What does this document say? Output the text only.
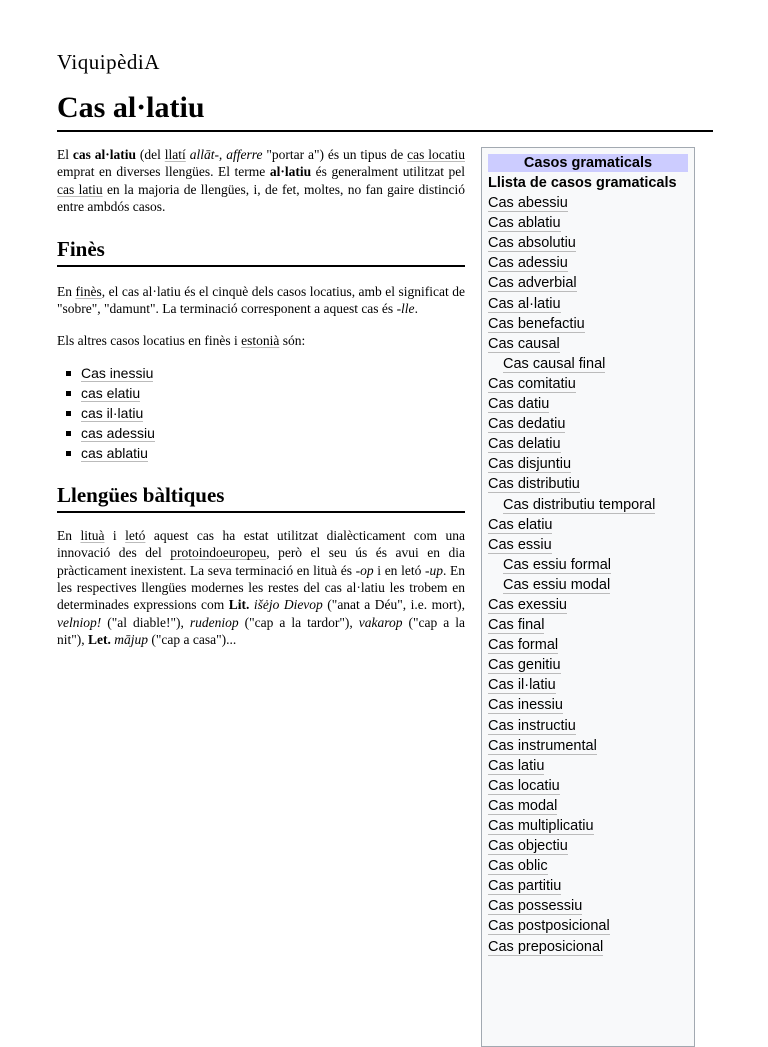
ViquipèdiA
Cas al·latiu

El cas al·latiu (del llatí allāt-, afferre "portar a") és un tipus de cas locatiu emprat en diverses llengües. El terme al·latiu és generalment utilitzat pel cas latiu en la majoria de llengües, i, de fet, moltes, no fan gaire distinció entre ambdós casos.

Finès

En finès, el cas al·latiu és el cinquè dels casos locatius, amb el significat de "sobre", "damunt". La terminació corresponent a aquest cas és -lle.

Els altres casos locatius en finès i estonià són:

Cas inessiu
cas elatiu
cas il·latiu
cas adessiu
cas ablatiu
Llengües bàltiques

En lituà i letó aquest cas ha estat utilitzat dialècticament com una innovació des del protoindoeuropeu, però el seu ús és avui en dia pràcticament inexistent. La seva terminació en lituà és -op i en letó -up. En les respectives llengües modernes les restes del cas al·latiu les trobem en determinades expressions com Lit. išėjo Dievop ("anat a Déu", i.e. mort), velniop! ("al diable!"), rudeniop ("cap a la tardor"), vakarop ("cap a la nit"), Let. mājup ("cap a casa")...

Casos gramaticals
Llista de casos gramaticals
Cas abessiu
Cas ablatiu
Cas absolutiu
Cas adessiu
Cas adverbial
Cas al·latiu
Cas benefactiu
Cas causal
Cas causal final
Cas comitatiu
Cas datiu
Cas dedatiu
Cas delatiu
Cas disjuntiu
Cas distributiu
Cas distributiu temporal
Cas elatiu
Cas essiu
Cas essiu formal
Cas essiu modal
Cas exessiu
Cas final
Cas formal
Cas genitiu
Cas il·latiu
Cas inessiu
Cas instructiu
Cas instrumental
Cas latiu
Cas locatiu
Cas modal
Cas multiplicatiu
Cas objectiu
Cas oblic
Cas partitiu
Cas possessiu
Cas postposicional
Cas preposicional
